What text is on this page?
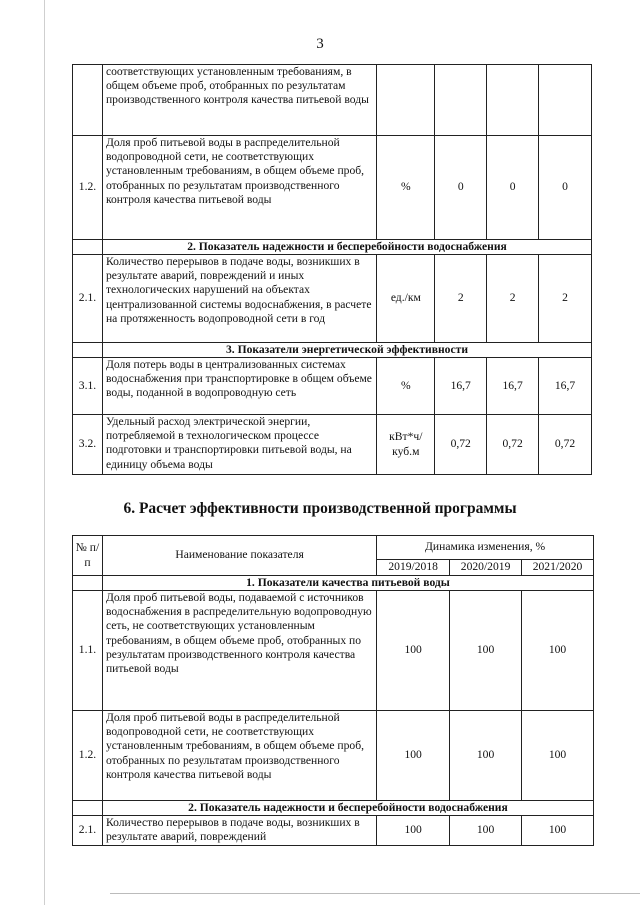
3
	соответствующих установленным требованиям, в общем объеме проб, отобранных по результатам производственного контроля качества питьевой воды				
1.2.	Доля проб питьевой воды в распределительной водопроводной сети, не соответствующих установленным требованиям, в общем объеме проб, отобранных по результатам производственного контроля качества питьевой воды	%	0	0	0
	2. Показатель надежности и бесперебойности водоснабжения				
2.1.	Количество перерывов в подаче воды, возникших в результате аварий, повреждений и иных технологических нарушений на объектах централизованной системы водоснабжения, в расчете на протяженность водопроводной сети в год	ед./км	2	2	2
	3. Показатели энергетической эффективности				
3.1.	Доля потерь воды в централизованных системах водоснабжения при транспортировке в общем объеме воды, поданной в водопроводную сеть	%	16,7	16,7	16,7
3.2.	Удельный расход электрической энергии, потребляемой в технологическом процессе подготовки и транспортировки питьевой воды, на единицу объема воды	кВт*ч/ куб.м	0,72	0,72	0,72
6. Расчет эффективности производственной программы
№ п/п	Наименование показателя	Динамика изменения, %		
		2019/2018	2020/2019	2021/2020
	1. Показатели качества питьевой воды			
1.1.	Доля проб питьевой воды, подаваемой с источников водоснабжения в распределительную водопроводную сеть, не соответствующих установленным требованиям, в общем объеме проб, отобранных по результатам производственного контроля качества питьевой воды	100	100	100
1.2.	Доля проб питьевой воды в распределительной водопроводной сети, не соответствующих установленным требованиям, в общем объеме проб, отобранных по результатам производственного контроля качества питьевой воды	100	100	100
	2. Показатель надежности и бесперебойности водоснабжения			
2.1.	Количество перерывов в подаче воды, возникших в результате аварий, повреждений	100	100	100
